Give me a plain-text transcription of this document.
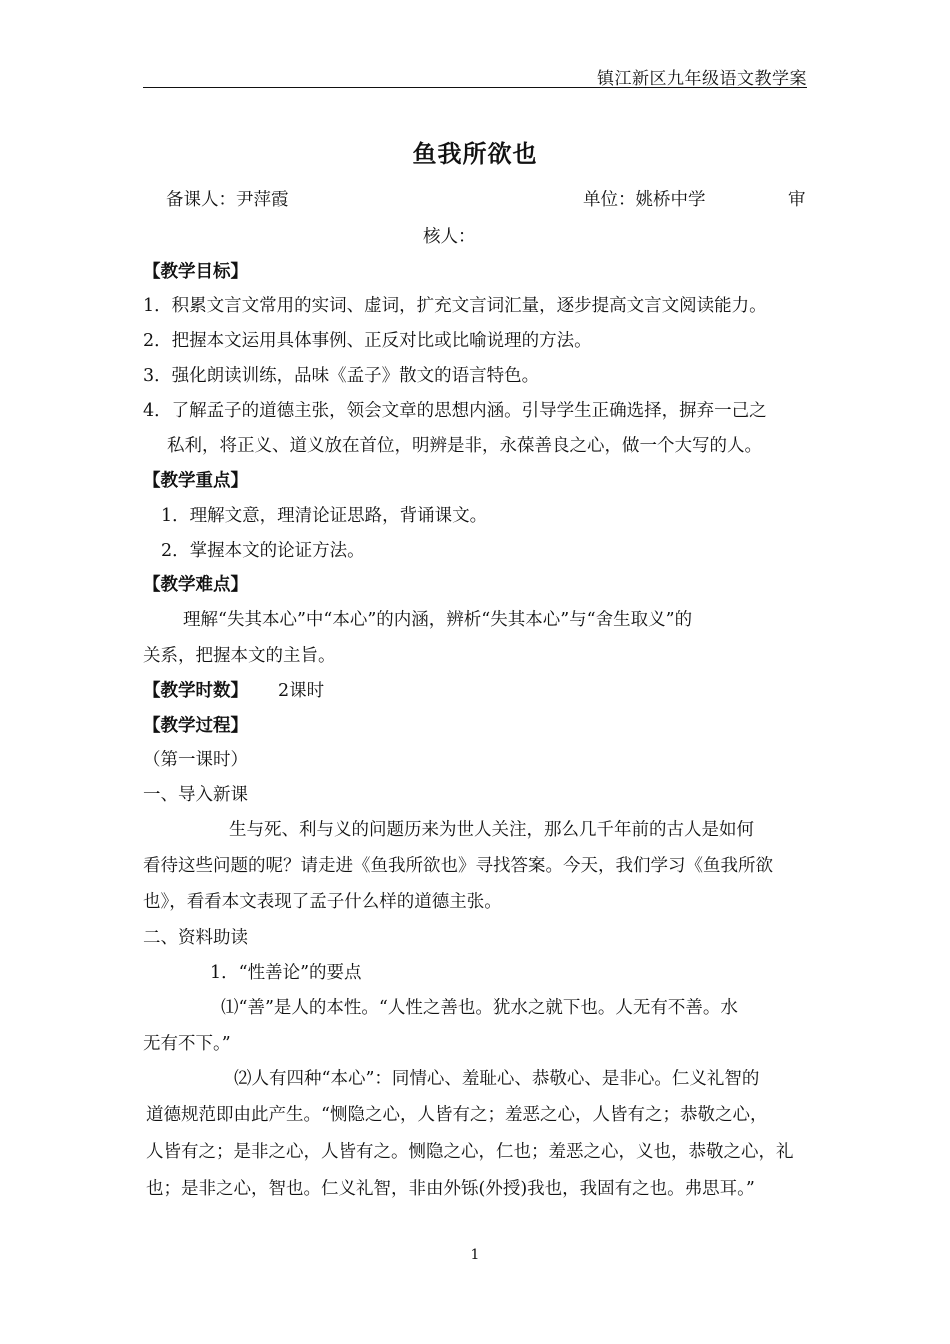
镇江新区九年级语文教学案
鱼我所欲也
备课人：尹萍霞	单位：姚桥中学	审
核人：
【教学目标】
1．积累文言文常用的实词、虚词，扩充文言词汇量，逐步提高文言文阅读能力。
2．把握本文运用具体事例、正反对比或比喻说理的方法。
3．强化朗读训练，品味《孟子》散文的语言特色。
4．了解孟子的道德主张，领会文章的思想内涵。引导学生正确选择，摒弃一己之
私利，将正义、道义放在首位，明辨是非，永葆善良之心，做一个大写的人。
【教学重点】
1．理解文意，理清论证思路，背诵课文。
2．掌握本文的论证方法。
【教学难点】
理解“失其本心”中“本心”的内涵，辨析“失其本心”与“舍生取义”的
关系，把握本文的主旨。
【教学时数】 2课时
【教学过程】
（第一课时）
一、导入新课
生与死、利与义的问题历来为世人关注，那么几千年前的古人是如何
看待这些问题的呢？请走进《鱼我所欲也》寻找答案。今天，我们学习《鱼我所欲
也》，看看本文表现了孟子什么样的道德主张。
二、资料助读
1．“性善论”的要点
⑴“善”是人的本性。“人性之善也。犹水之就下也。人无有不善。水
无有不下。”
⑵人有四种“本心”：同情心、羞耻心、恭敬心、是非心。仁义礼智的
道德规范即由此产生。“恻隐之心，人皆有之；羞恶之心，人皆有之；恭敬之心，
人皆有之；是非之心，人皆有之。恻隐之心，仁也；羞恶之心，义也，恭敬之心，礼
也；是非之心，智也。仁义礼智，非由外铄(外授)我也，我固有之也。弗思耳。”
1
